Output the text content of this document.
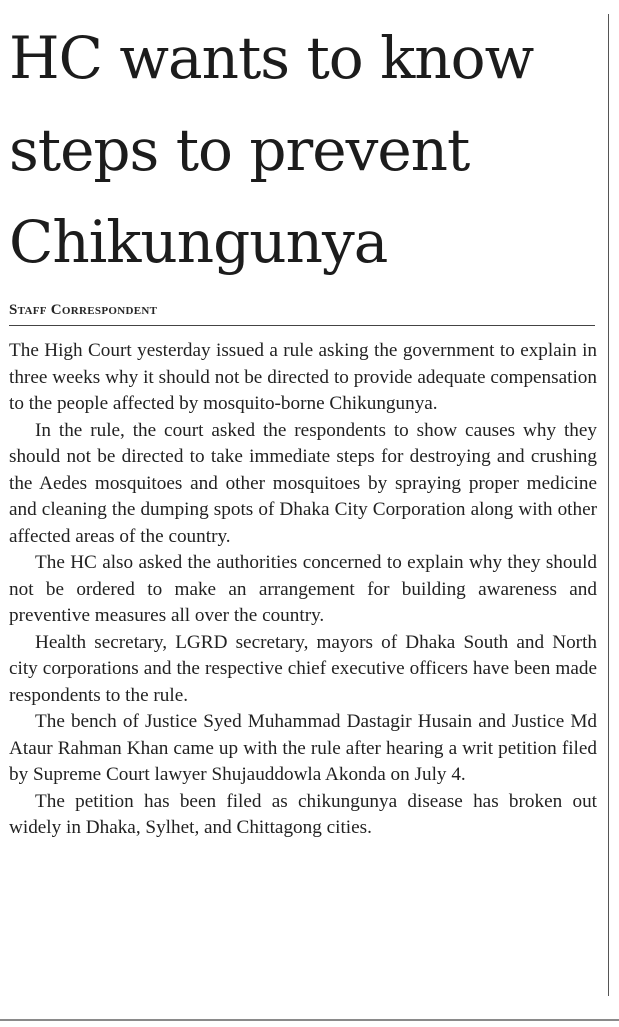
HC wants to know steps to prevent Chikungunya
Staff Correspondent

The High Court yesterday issued a rule asking the government to explain in three weeks why it should not be directed to provide adequate compensation to the people affected by mosquito-borne Chikungunya.

In the rule, the court asked the respondents to show causes why they should not be directed to take immediate steps for destroying and crushing the Aedes mosquitoes and other mosquitoes by spraying proper medicine and cleaning the dumping spots of Dhaka City Corporation along with other affected areas of the country.

The HC also asked the authorities concerned to explain why they should not be ordered to make an arrangement for building awareness and preventive measures all over the country.

Health secretary, LGRD secretary, mayors of Dhaka South and North city corporations and the respective chief executive officers have been made respondents to the rule.

The bench of Justice Syed Muhammad Dastagir Husain and Justice Md Ataur Rahman Khan came up with the rule after hearing a writ petition filed by Supreme Court lawyer Shujauddowla Akonda on July 4.

The petition has been filed as chikungunya disease has broken out widely in Dhaka, Sylhet, and Chittagong cities.
